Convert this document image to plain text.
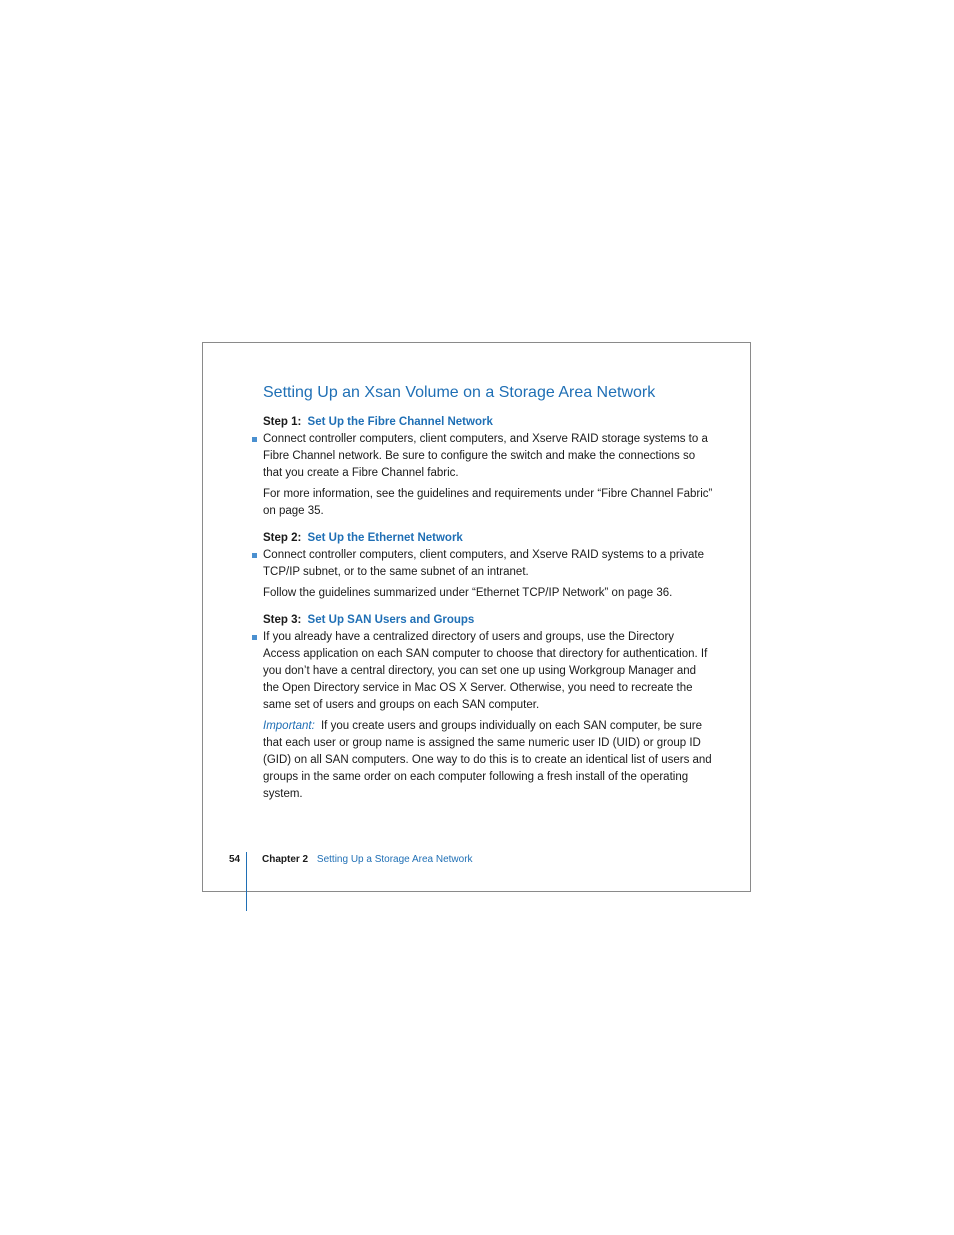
Setting Up an Xsan Volume on a Storage Area Network

Step 1: Set Up the Fibre Channel Network

Connect controller computers, client computers, and Xserve RAID storage systems to a Fibre Channel network. Be sure to configure the switch and make the connections so that you create a Fibre Channel fabric.

For more information, see the guidelines and requirements under “Fibre Channel Fabric” on page 35.

Step 2: Set Up the Ethernet Network

Connect controller computers, client computers, and Xserve RAID systems to a private TCP/IP subnet, or to the same subnet of an intranet.

Follow the guidelines summarized under “Ethernet TCP/IP Network” on page 36.

Step 3: Set Up SAN Users and Groups

If you already have a centralized directory of users and groups, use the Directory Access application on each SAN computer to choose that directory for authentication. If you don’t have a central directory, you can set one up using Workgroup Manager and the Open Directory service in Mac OS X Server. Otherwise, you need to recreate the same set of users and groups on each SAN computer.

Important: If you create users and groups individually on each SAN computer, be sure that each user or group name is assigned the same numeric user ID (UID) or group ID (GID) on all SAN computers. One way to do this is to create an identical list of users and groups in the same order on each computer following a fresh install of the operating system.

54 Chapter 2 Setting Up a Storage Area Network
